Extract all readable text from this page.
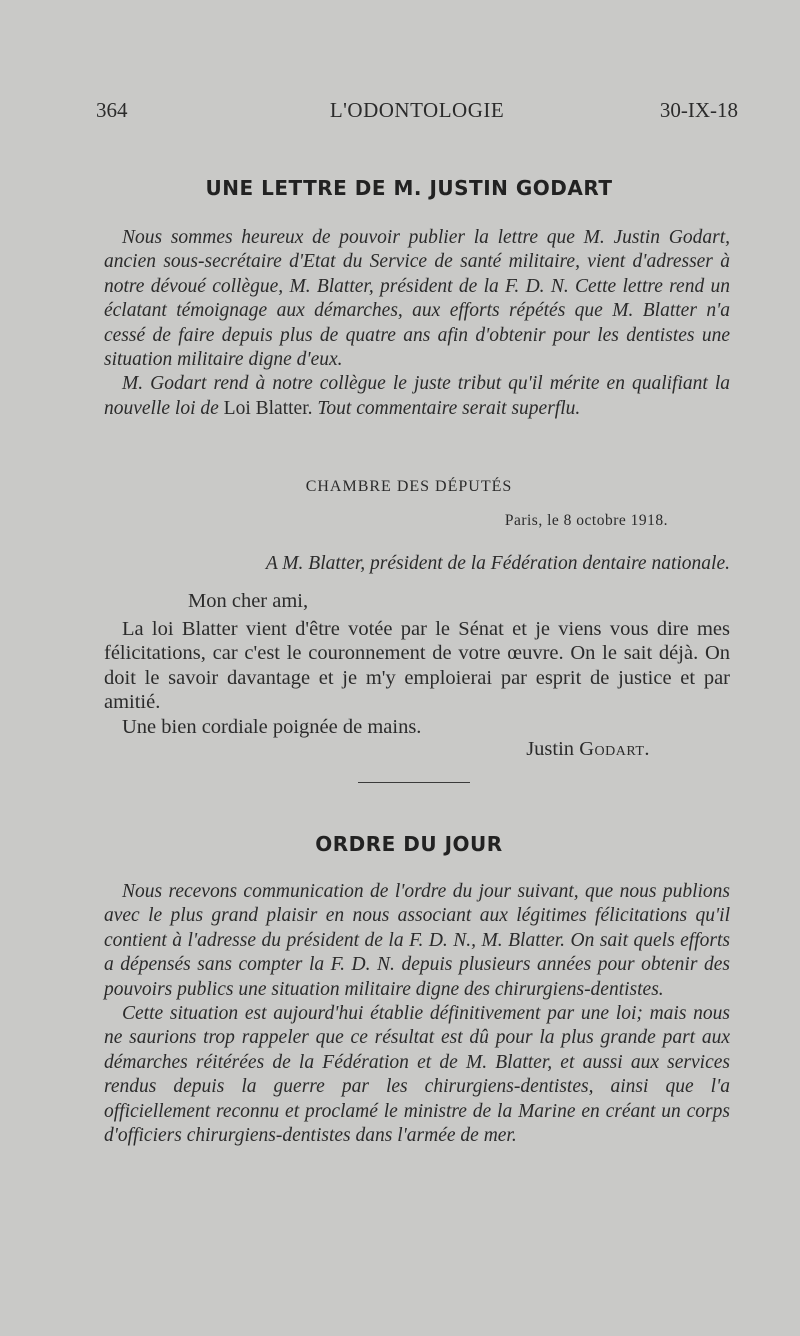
364	L'ODONTOLOGIE	30-IX-18
UNE LETTRE DE M. JUSTIN GODART

Nous sommes heureux de pouvoir publier la lettre que M. Justin Godart, ancien sous-secrétaire d'Etat du Service de santé militaire, vient d'adresser à notre dévoué collègue, M. Blatter, président de la F. D. N. Cette lettre rend un éclatant témoignage aux démarches, aux efforts répétés que M. Blatter n'a cessé de faire depuis plus de quatre ans afin d'obtenir pour les dentistes une situation militaire digne d'eux.

M. Godart rend à notre collègue le juste tribut qu'il mérite en qualifiant la nouvelle loi de Loi Blatter. Tout commentaire serait superflu.

CHAMBRE DES DÉPUTÉS
Paris, le 8 octobre 1918.
A M. Blatter, président de la Fédération dentaire nationale.
Mon cher ami,

La loi Blatter vient d'être votée par le Sénat et je viens vous dire mes félicitations, car c'est le couronnement de votre œuvre. On le sait déjà. On doit le savoir davantage et je m'y emploierai par esprit de justice et par amitié.

Une bien cordiale poignée de mains.

Justin Godart.
ORDRE DU JOUR

Nous recevons communication de l'ordre du jour suivant, que nous publions avec le plus grand plaisir en nous associant aux légitimes félicitations qu'il contient à l'adresse du président de la F. D. N., M. Blatter. On sait quels efforts a dépensés sans compter la F. D. N. depuis plusieurs années pour obtenir des pouvoirs publics une situation militaire digne des chirurgiens-dentistes.

Cette situation est aujourd'hui établie définitivement par une loi; mais nous ne saurions trop rappeler que ce résultat est dû pour la plus grande part aux démarches réitérées de la Fédération et de M. Blatter, et aussi aux services rendus depuis la guerre par les chirurgiens-dentistes, ainsi que l'a officiellement reconnu et proclamé le ministre de la Marine en créant un corps d'officiers chirurgiens-dentistes dans l'armée de mer.
